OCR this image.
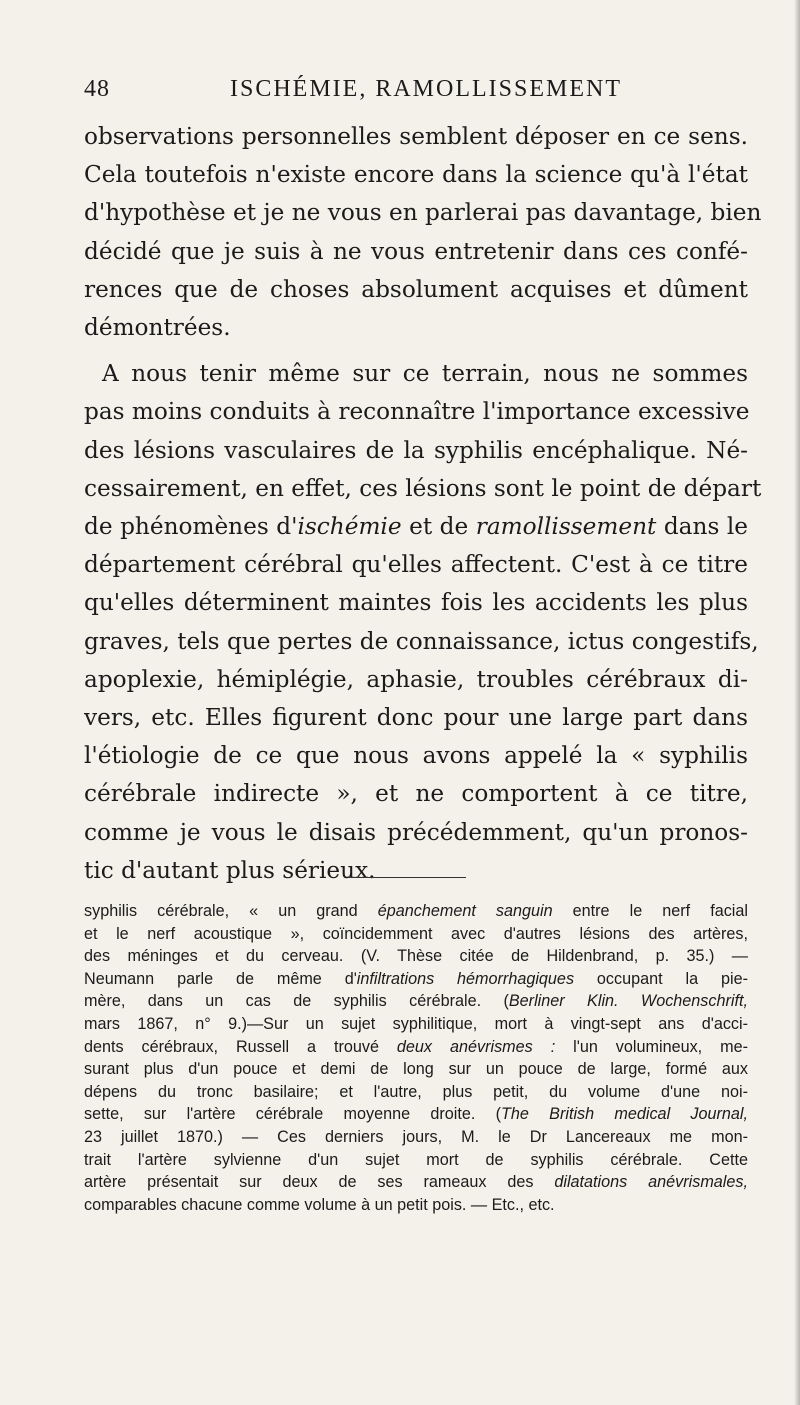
48	ISCHÉMIE, RAMOLLISSEMENT
observations personnelles semblent déposer en ce sens.
Cela toutefois n'existe encore dans la science qu'à l'état
d'hypothèse et je ne vous en parlerai pas davantage, bien
décidé que je suis à ne vous entretenir dans ces confé-
rences que de choses absolument acquises et dûment
démontrées.
A nous tenir même sur ce terrain, nous ne sommes
pas moins conduits à reconnaître l'importance excessive
des lésions vasculaires de la syphilis encéphalique. Né-
cessairement, en effet, ces lésions sont le point de départ
de phénomènes d'ischémie et de ramollissement dans le
département cérébral qu'elles affectent. C'est à ce titre
qu'elles déterminent maintes fois les accidents les plus
graves, tels que pertes de connaissance, ictus congestifs,
apoplexie, hémiplégie, aphasie, troubles cérébraux di-
vers, etc. Elles figurent donc pour une large part dans
l'étiologie de ce que nous avons appelé la « syphilis
cérébrale indirecte », et ne comportent à ce titre,
comme je vous le disais précédemment, qu'un pronos-
tic d'autant plus sérieux.
syphilis cérébrale, « un grand épanchement sanguin entre le nerf facial
et le nerf acoustique », coïncidemment avec d'autres lésions des artères,
des méninges et du cerveau. (V. Thèse citée de Hildenbrand, p. 35.) —
Neumann parle de même d'infiltrations hémorrhagiques occupant la pie-
mère, dans un cas de syphilis cérébrale. (Berliner Klin. Wochenschrift,
mars 1867, n° 9.)—Sur un sujet syphilitique, mort à vingt-sept ans d'acci-
dents cérébraux, Russell a trouvé deux anévrismes : l'un volumineux, me-
surant plus d'un pouce et demi de long sur un pouce de large, formé aux
dépens du tronc basilaire; et l'autre, plus petit, du volume d'une noi-
sette, sur l'artère cérébrale moyenne droite. (The British medical Journal,
23 juillet 1870.) — Ces derniers jours, M. le Dr Lancereaux me mon-
trait l'artère sylvienne d'un sujet mort de syphilis cérébrale. Cette
artère présentait sur deux de ses rameaux des dilatations anévrismales,
comparables chacune comme volume à un petit pois. — Etc., etc.
